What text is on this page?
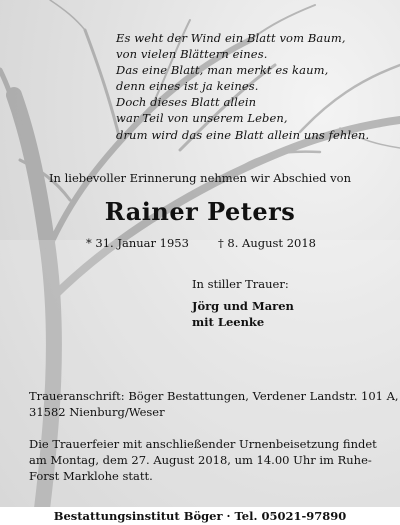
Es weht der Wind ein Blatt vom Baum,
von vielen Blättern eines.
Das eine Blatt, man merkt es kaum,
denn eines ist ja keines.
Doch dieses Blatt allein
war Teil von unserem Leben,
drum wird das eine Blatt allein uns fehlen.
In liebevoller Erinnerung nehmen wir Abschied von
Rainer Peters
* 31. Januar 1953	† 8. August 2018
In stiller Trauer:
Jörg und Maren
mit Leenke
Traueranschrift: Böger Bestattungen, Verdener Landstr. 101 A,
31582 Nienburg/Weser
Die Trauerfeier mit anschließender Urnenbeisetzung findet
am Montag, dem 27. August 2018, um 14.00 Uhr im Ruhe-
Forst Marklohe statt.
Bestattungsinstitut Böger · Tel. 05021-97890
